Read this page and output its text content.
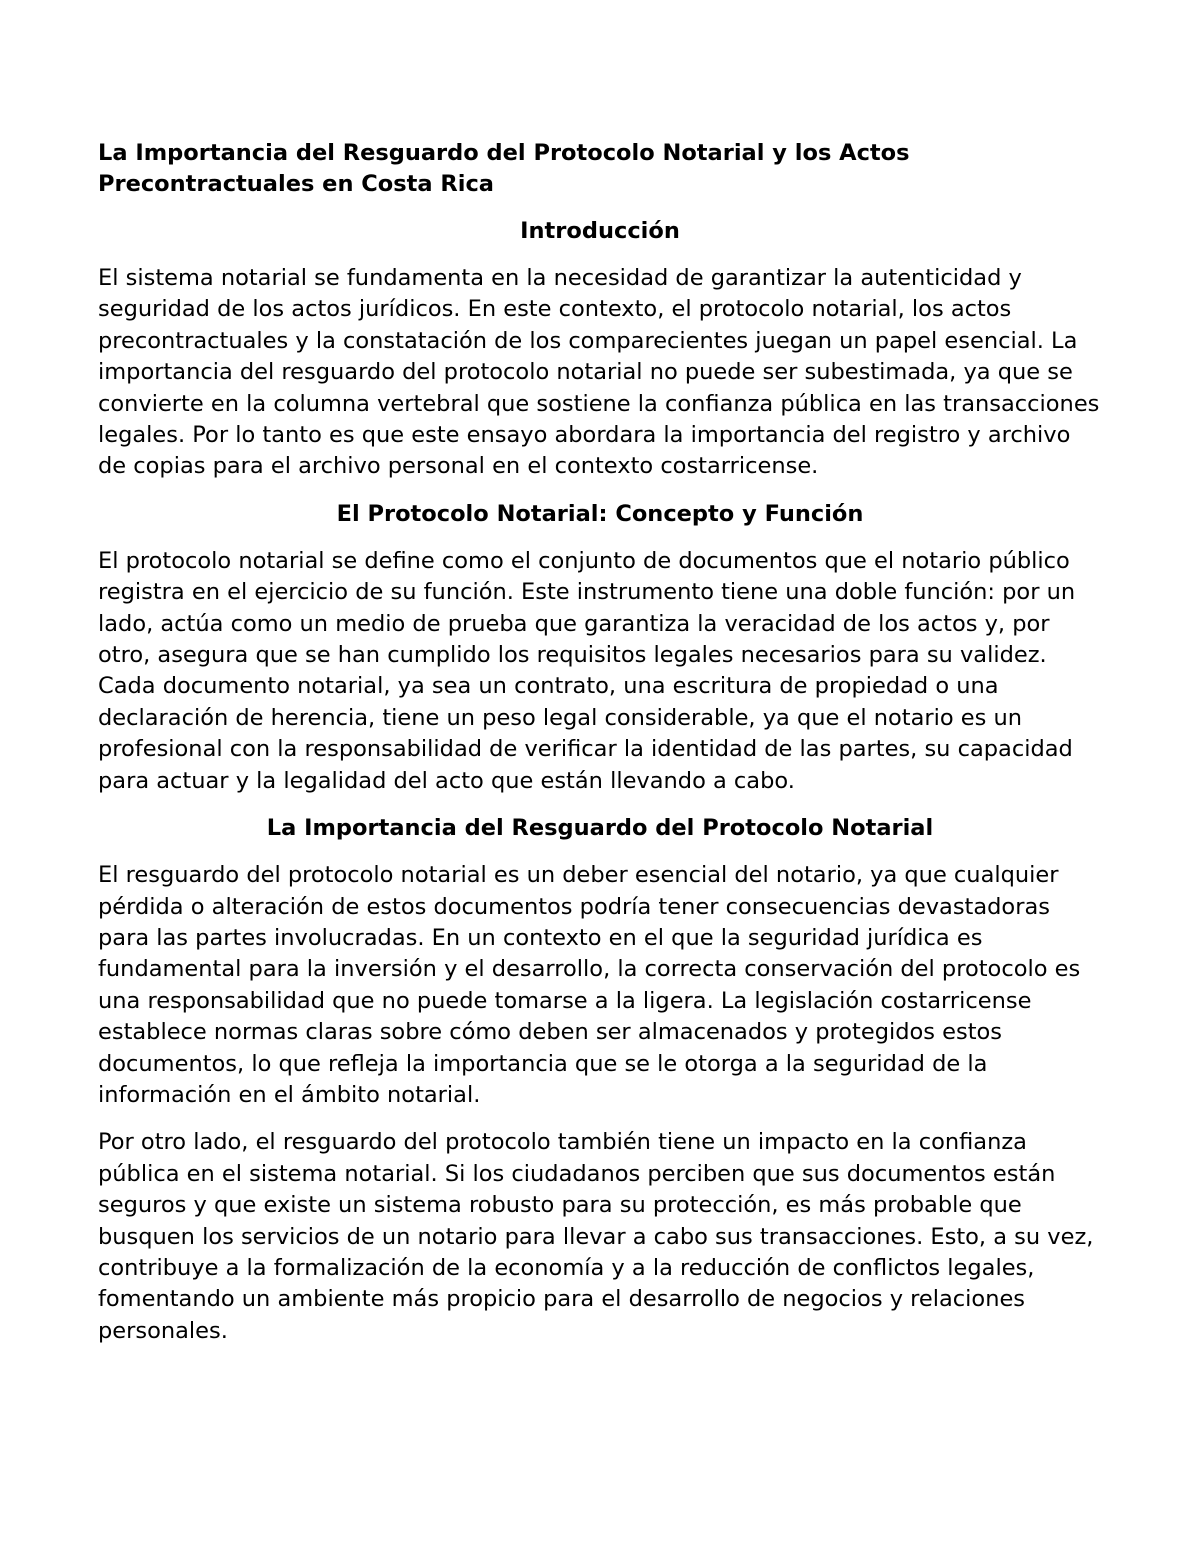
La Importancia del Resguardo del Protocolo Notarial y los Actos Precontractuales en Costa Rica
Introducción

El sistema notarial se fundamenta en la necesidad de garantizar la autenticidad y seguridad de los actos jurídicos. En este contexto, el protocolo notarial, los actos precontractuales y la constatación de los comparecientes juegan un papel esencial. La importancia del resguardo del protocolo notarial no puede ser subestimada, ya que se convierte en la columna vertebral que sostiene la confianza pública en las transacciones legales. Por lo tanto es que este ensayo abordara la importancia del registro y archivo de copias para el archivo personal en el contexto costarricense.

El Protocolo Notarial: Concepto y Función

El protocolo notarial se define como el conjunto de documentos que el notario público registra en el ejercicio de su función. Este instrumento tiene una doble función: por un lado, actúa como un medio de prueba que garantiza la veracidad de los actos y, por otro, asegura que se han cumplido los requisitos legales necesarios para su validez. Cada documento notarial, ya sea un contrato, una escritura de propiedad o una declaración de herencia, tiene un peso legal considerable, ya que el notario es un profesional con la responsabilidad de verificar la identidad de las partes, su capacidad para actuar y la legalidad del acto que están llevando a cabo.

La Importancia del Resguardo del Protocolo Notarial

El resguardo del protocolo notarial es un deber esencial del notario, ya que cualquier pérdida o alteración de estos documentos podría tener consecuencias devastadoras para las partes involucradas. En un contexto en el que la seguridad jurídica es fundamental para la inversión y el desarrollo, la correcta conservación del protocolo es una responsabilidad que no puede tomarse a la ligera. La legislación costarricense establece normas claras sobre cómo deben ser almacenados y protegidos estos documentos, lo que refleja la importancia que se le otorga a la seguridad de la información en el ámbito notarial.

Por otro lado, el resguardo del protocolo también tiene un impacto en la confianza pública en el sistema notarial. Si los ciudadanos perciben que sus documentos están seguros y que existe un sistema robusto para su protección, es más probable que busquen los servicios de un notario para llevar a cabo sus transacciones. Esto, a su vez, contribuye a la formalización de la economía y a la reducción de conflictos legales, fomentando un ambiente más propicio para el desarrollo de negocios y relaciones personales.
